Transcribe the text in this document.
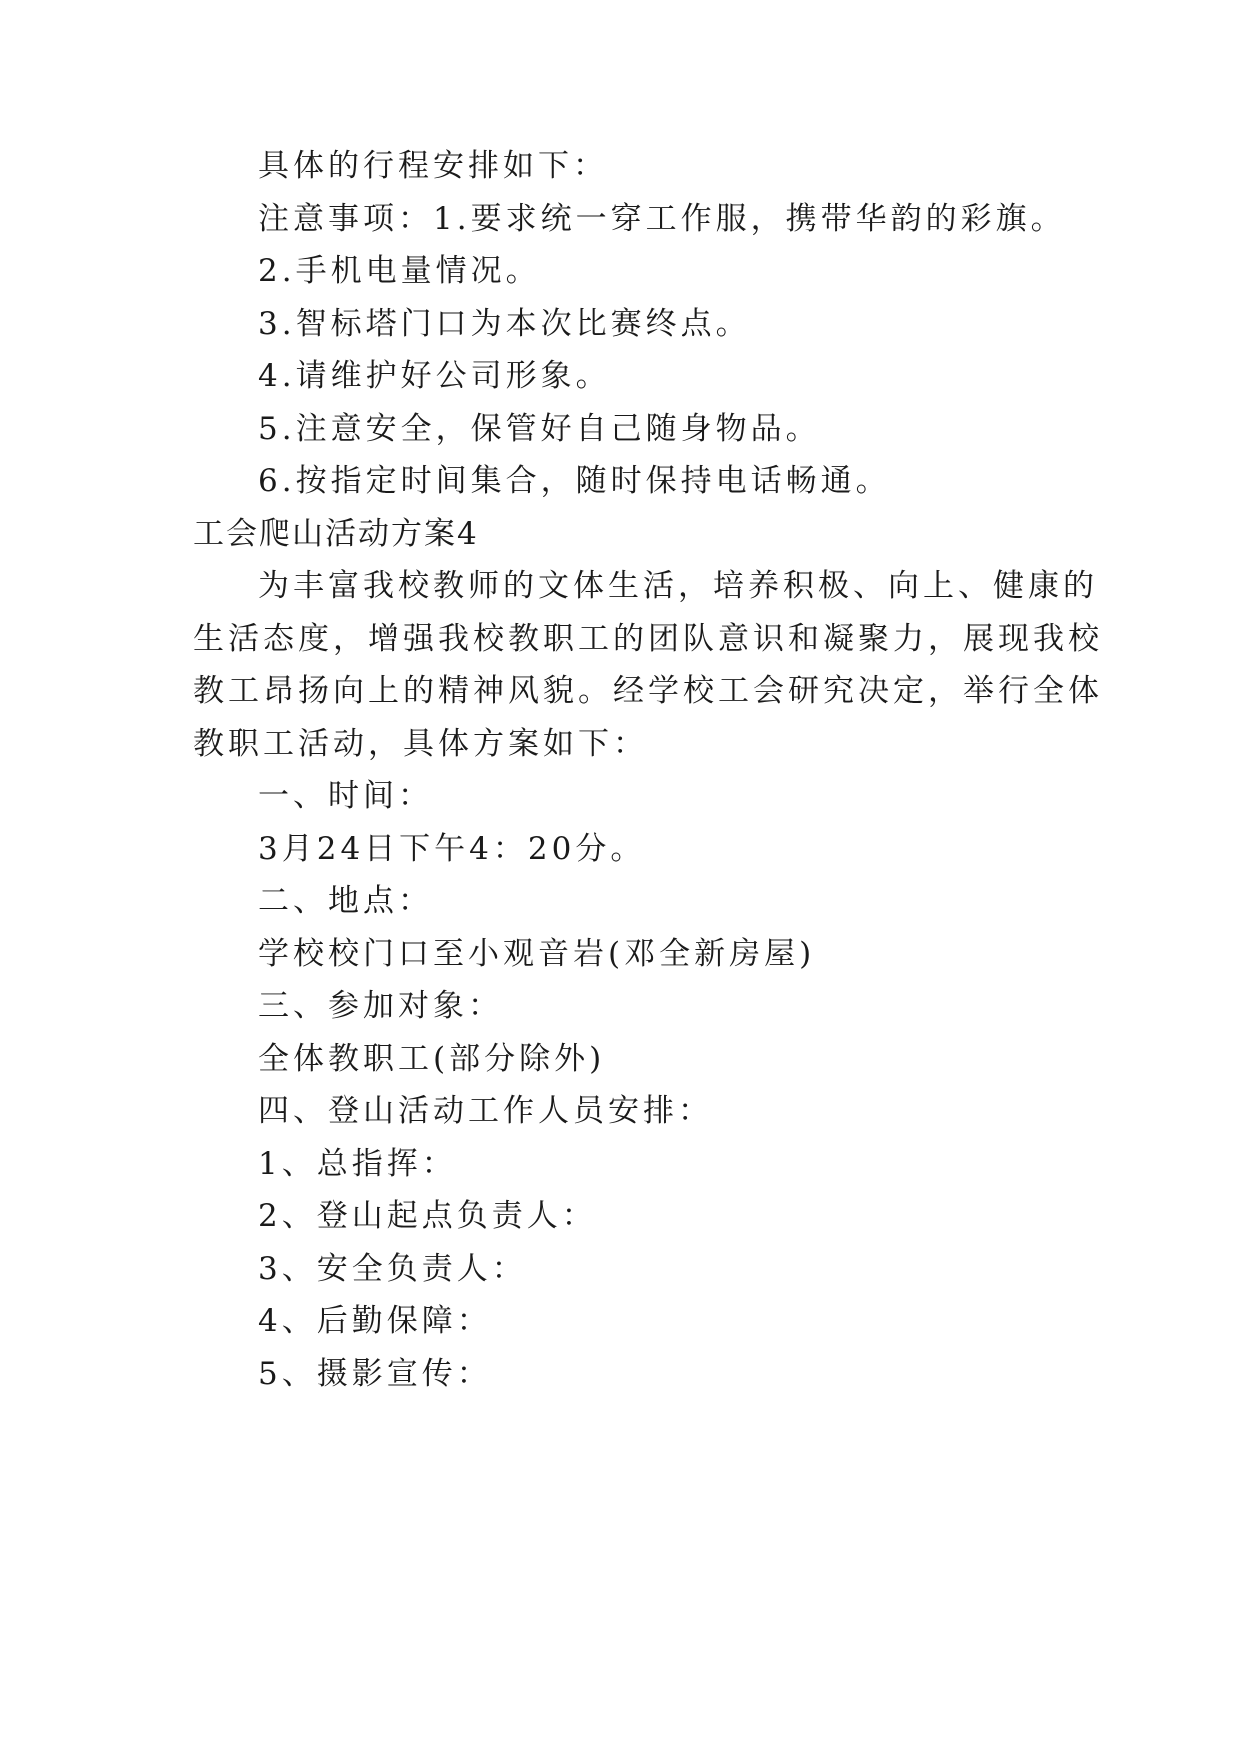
具体的行程安排如下：
注意事项：1.要求统一穿工作服，携带华韵的彩旗。
2.手机电量情况。
3.智标塔门口为本次比赛终点。
4.请维护好公司形象。
5.注意安全，保管好自己随身物品。
6.按指定时间集合，随时保持电话畅通。
工会爬山活动方案4
为丰富我校教师的文体生活，培养积极、向上、健康的
生活态度，增强我校教职工的团队意识和凝聚力，展现我校
教工昂扬向上的精神风貌。经学校工会研究决定，举行全体
教职工活动，具体方案如下：
一、时间：
3月24日下午4：20分。
二、地点：
学校校门口至小观音岩(邓全新房屋)
三、参加对象：
全体教职工(部分除外)
四、登山活动工作人员安排：
1、总指挥：
2、登山起点负责人：
3、安全负责人：
4、后勤保障：
5、摄影宣传：
